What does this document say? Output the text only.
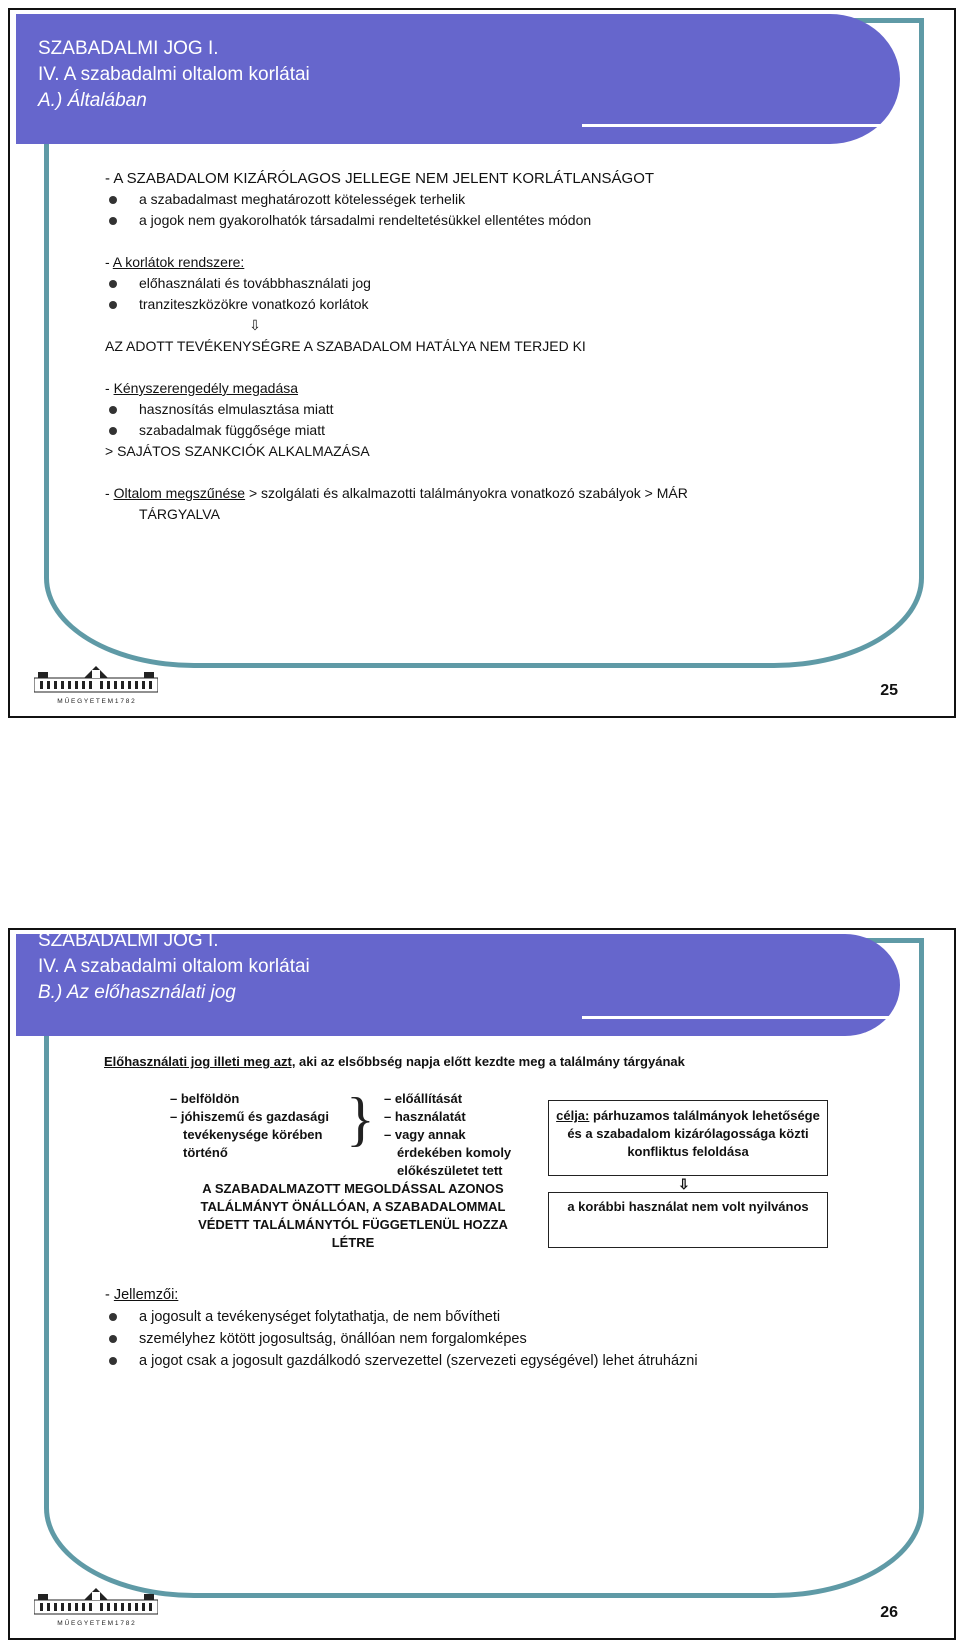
SZABADALMI JOG I.
IV. A szabadalmi oltalom korlátai
A.) Általában
- A SZABADALOM KIZÁRÓLAGOS JELLEGE NEM JELENT KORLÁTLANSÁGOT
a szabadalmast meghatározott kötelességek terhelik
a jogok nem gyakorolhatók társadalmi rendeltetésükkel ellentétes módon
- A korlátok rendszere:
előhasználati és továbbhasználati jog
tranziteszközökre vonatkozó korlátok
⇩
AZ ADOTT TEVÉKENYSÉGRE A SZABADALOM HATÁLYA NEM TERJED KI
- Kényszerengedély megadása
hasznosítás elmulasztása miatt
szabadalmak függősége miatt
> SAJÁTOS SZANKCIÓK ALKALMAZÁSA
- Oltalom megszűnése > szolgálati és alkalmazotti találmányokra vonatkozó szabályok > MÁR
TÁRGYALVA
M Ű E G Y E T E M 1 7 8 2
25
SZABADALMI JOG I.
IV. A szabadalmi oltalom korlátai
B.) Az előhasználati jog
Előhasználati jog illeti meg azt, aki az elsőbbség napja előtt kezdte meg a találmány tárgyának
– belföldön
– jóhiszemű és gazdasági
tevékenysége körében
történő
} – előállítását
– használatát
– vagy annak
érdekében komoly
előkészületet tett
célja: párhuzamos találmányok lehetősége
és a szabadalom kizárólagossága közti
konfliktus feloldása
⇩
a korábbi használat nem volt nyilvános
A SZABADALMAZOTT MEGOLDÁSSAL AZONOS
TALÁLMÁNYT ÖNÁLLÓAN, A SZABADALOMMAL
VÉDETT TALÁLMÁNYTÓL FÜGGETLENÜL HOZZA
LÉTRE
- Jellemzői:
a jogosult a tevékenységet folytathatja, de nem bővítheti
személyhez kötött jogosultság, önállóan nem forgalomképes
a jogot csak a jogosult gazdálkodó szervezettel (szervezeti egységével) lehet átruházni
M Ű E G Y E T E M 1 7 8 2
26
